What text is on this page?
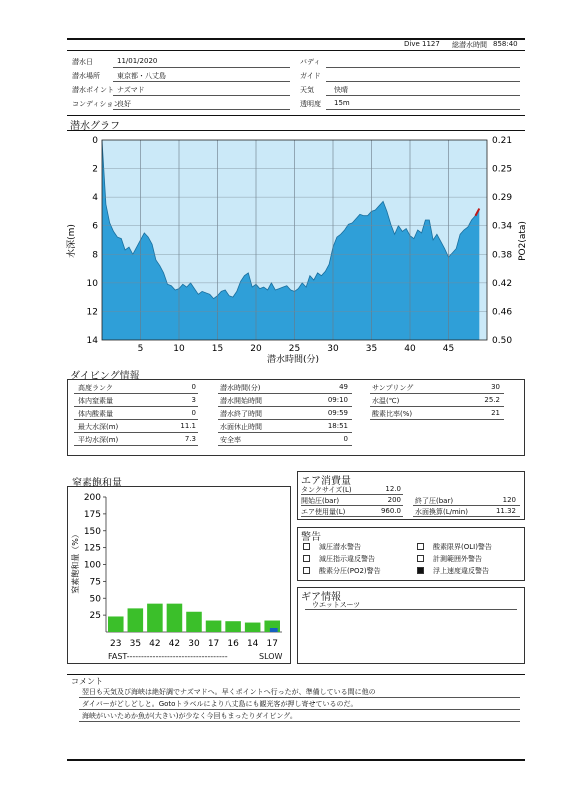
Dive 1127 総潜水時間 858:40
潜水日	11/01/2020
潜水場所 東京都・八丈島
潜水ポイント ナズマド
コンディション
良好
バディ
ガイド
天気	快晴
透明度 15m
潜水グラフ
5	10	15	20	25	30	35	40	45
0
2
4
6
8
10
12
14
0.21
0.25
0.29
0.34
0.38
0.42
0.46
0.50
水深(m)	PO2(ata)
潜水時間(分)
ダイビング情報
高度ランク	0
体内窒素量	3
体内酸素量	0
最大水深(m)	11.1
平均水深(m)	7.3
潜水時間(分)	49
潜水開始時間	09:10
潜水終了時間	09:59
水面休止時間	18:51
安全率	0
サンプリング	30
水温(℃)	25.2
酸素比率(%)	21
窒素飽和量
25
50
75
100
125
150
175
200
23 35 42 42 30 17 16 14 17
窒素飽和量（%）
FAST-----------------------------------	SLOW
エア消費量
タンクサイズ(L)	12.0
開始圧(bar)	200
エア使用量(L)	960.0
終了圧(bar)	120
水面換算(L/min)	11.32
警告
減圧潜水警告	酸素限界(OLI)警告
減圧指示違反警告	計測範囲外警告
酸素分圧(PO2)警告	浮上速度違反警告
ギア情報
ウエットスーツ
コメント
翌日も天気及び海峡は絶好調でナズマドへ。早くポイントへ行ったが、準備している間に他の
ダイバーがどしどしと。Gotoトラベルにより八丈島にも観光客が押し寄せているのだ。
海峡がいいためか魚が(大きい)が少なく今回もまったりダイビング。
